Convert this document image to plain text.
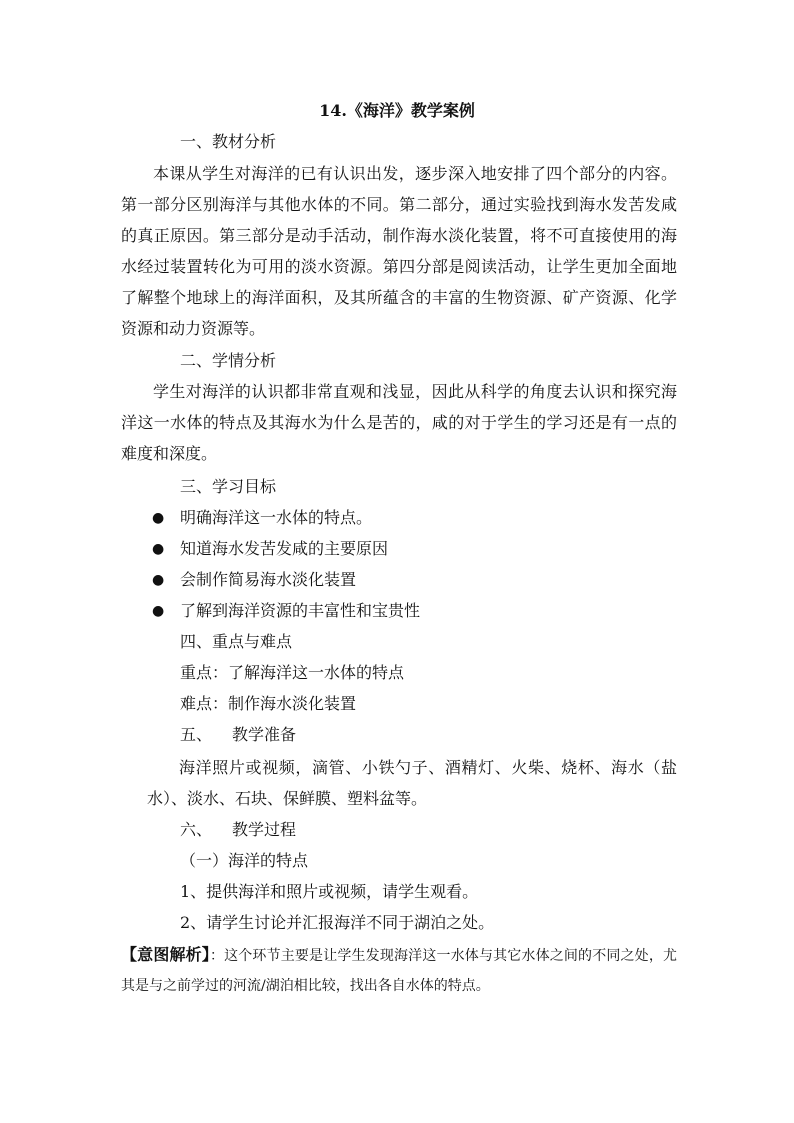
14.《海洋》教学案例
一、教材分析
本课从学生对海洋的已有认识出发，逐步深入地安排了四个部分的内容。第一部分区别海洋与其他水体的不同。第二部分，通过实验找到海水发苦发咸的真正原因。第三部分是动手活动，制作海水淡化装置，将不可直接使用的海水经过装置转化为可用的淡水资源。第四分部是阅读活动，让学生更加全面地了解整个地球上的海洋面积，及其所蕴含的丰富的生物资源、矿产资源、化学资源和动力资源等。
二、学情分析
学生对海洋的认识都非常直观和浅显，因此从科学的角度去认识和探究海洋这一水体的特点及其海水为什么是苦的，咸的对于学生的学习还是有一点的难度和深度。
三、学习目标
● 明确海洋这一水体的特点。
● 知道海水发苦发咸的主要原因
● 会制作简易海水淡化装置
● 了解到海洋资源的丰富性和宝贵性
四、重点与难点
重点：了解海洋这一水体的特点
难点：制作海水淡化装置
五、 教学准备
海洋照片或视频，滴管、小铁勺子、酒精灯、火柴、烧杯、海水（盐水）、淡水、石块、保鲜膜、塑料盆等。
六、 教学过程
（一）海洋的特点
1、提供海洋和照片或视频，请学生观看。
2、请学生讨论并汇报海洋不同于湖泊之处。
【意图解析】：这个环节主要是让学生发现海洋这一水体与其它水体之间的不同之处，尤其是与之前学过的河流/湖泊相比较，找出各自水体的特点。
